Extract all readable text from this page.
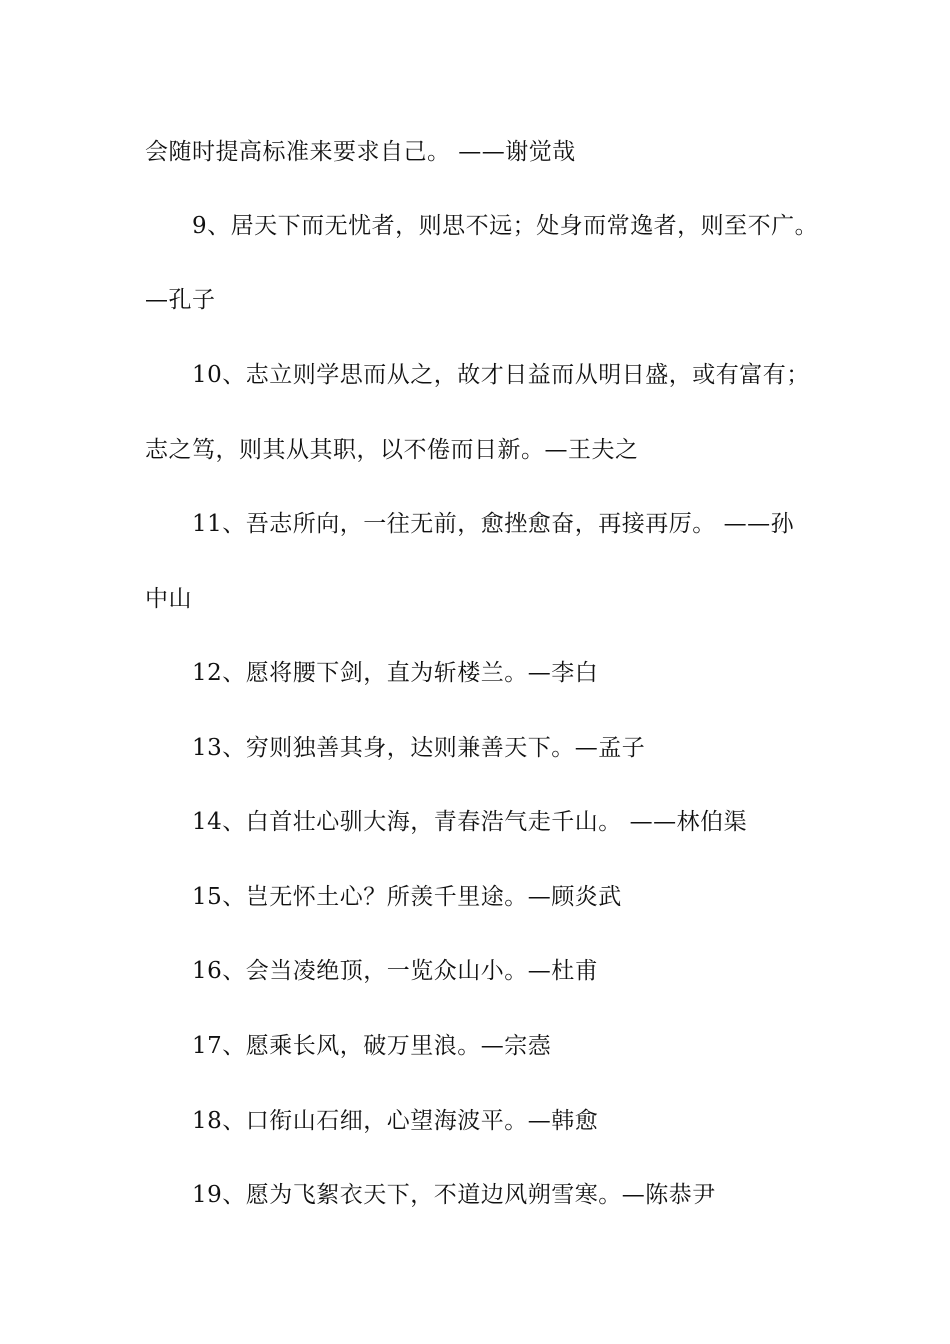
会随时提高标准来要求自己。 ——谢觉哉
9、居天下而无忧者，则思不远；处身而常逸者，则至不广。
—孔子
10、志立则学思而从之，故才日益而从明日盛，或有富有；
志之笃，则其从其职，以不倦而日新。—王夫之
11、吾志所向，一往无前，愈挫愈奋，再接再厉。 ——孙
中山
12、愿将腰下剑，直为斩楼兰。—李白
13、穷则独善其身，达则兼善天下。—孟子
14、白首壮心驯大海，青春浩气走千山。 ——林伯渠
15、岂无怀土心？所羡千里途。—顾炎武
16、会当凌绝顶，一览众山小。—杜甫
17、愿乘长风，破万里浪。—宗悫
18、口衔山石细，心望海波平。—韩愈
19、愿为飞絮衣天下，不道边风朔雪寒。—陈恭尹
